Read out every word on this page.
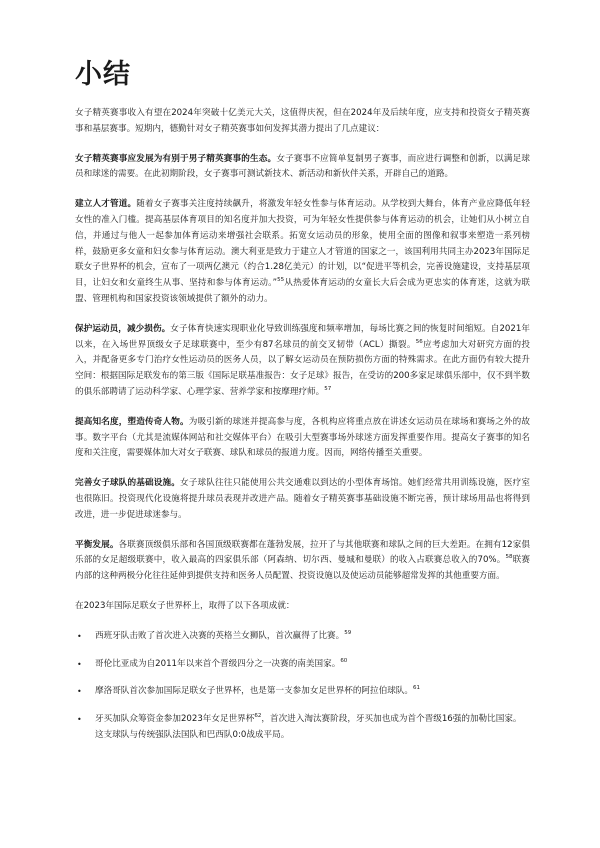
小结

女子精英赛事收入有望在2024年突破十亿美元大关，这值得庆祝，但在2024年及后续年度，应支持和投资女子精英赛事和基层赛事。短期内，德勤针对女子精英赛事如何发挥其潜力提出了几点建议：

女子精英赛事应发展为有别于男子精英赛事的生态。女子赛事不应简单复制男子赛事，而应进行调整和创新，以满足球员和球迷的需要。在此初期阶段，女子赛事可测试新技术、新活动和新伙伴关系，开辟自己的道路。

建立人才管道。随着女子赛事关注度持续飙升，将激发年轻女性参与体育运动。从学校到大舞台，体育产业应降低年轻女性的准入门槛。提高基层体育项目的知名度并加大投资，可为年轻女性提供参与体育运动的机会，让她们从小树立自信，并通过与他人一起参加体育运动来增强社会联系。拓宽女运动员的形象，使用全面的图像和叙事来塑造一系列榜样，鼓励更多女童和妇女参与体育运动。澳大利亚是致力于建立人才管道的国家之一，该国利用共同主办2023年国际足联女子世界杯的机会，宣布了一项两亿澳元（约合1.28亿美元）的计划，以“促进平等机会，完善设施建设，支持基层项目，让妇女和女童终生从事、坚持和参与体育运动。”$^{55}$从热爱体育运动的女童长大后会成为更忠实的体育迷，这就为联盟、管理机构和国家投资该领域提供了额外的动力。

保护运动员，减少损伤。女子体育快速实现职业化导致训练强度和频率增加，每场比赛之间的恢复时间缩短。自2021年以来，在入场世界顶级女子足球联赛中，至少有87名球员的前交叉韧带（ACL）撕裂。$^{56}$应考虑加大对研究方面的投入，并配备更多专门治疗女性运动员的医务人员，以了解女运动员在预防损伤方面的特殊需求。在此方面仍有较大提升空间：根据国际足联发布的第三版《国际足联基准报告：女子足球》报告，在受访的200多家足球俱乐部中，仅不到半数的俱乐部聘请了运动科学家、心理学家、营养学家和按摩理疗师。$^{57}$

提高知名度，塑造传奇人物。为吸引新的球迷并提高参与度，各机构应将重点放在讲述女运动员在球场和赛场之外的故事。数字平台（尤其是流媒体网站和社交媒体平台）在吸引大型赛事场外球迷方面发挥重要作用。提高女子赛事的知名度和关注度，需要媒体加大对女子联赛、球队和球员的报道力度。因而，网络传播至关重要。

完善女子球队的基础设施。女子球队往往只能使用公共交通难以到达的小型体育场馆。她们经常共用训练设施，医疗室也很陈旧。投资现代化设施将提升球员表现并改进产品。随着女子精英赛事基础设施不断完善，预计球场用品也将得到改进，进一步促进球迷参与。

平衡发展。各联赛顶级俱乐部和各国顶级联赛都在蓬勃发展，拉开了与其他联赛和球队之间的巨大差距。在拥有12家俱乐部的女足超级联赛中，收入最高的四家俱乐部（阿森纳、切尔西、曼城和曼联）的收入占联赛总收入的70%。$^{58}$联赛内部的这种两极分化往往延伸到提供支持和医务人员配置、投资设施以及使运动员能够超常发挥的其他重要方面。

在2023年国际足联女子世界杯上，取得了以下各项成就：

• 西班牙队击败了首次进入决赛的英格兰女狮队，首次赢得了比赛。$^{59}$
• 哥伦比亚成为自2011年以来首个晋级四分之一决赛的南美国家。$^{60}$
• 摩洛哥队首次参加国际足联女子世界杯，也是第一支参加女足世界杯的阿拉伯球队。$^{61}$
• 牙买加队众筹资金参加2023年女足世界杯$^{62}$，首次进入淘汰赛阶段，牙买加也成为首个晋级16强的加勒比国家。这支球队与传统强队法国队和巴西队0:0战成平局。
